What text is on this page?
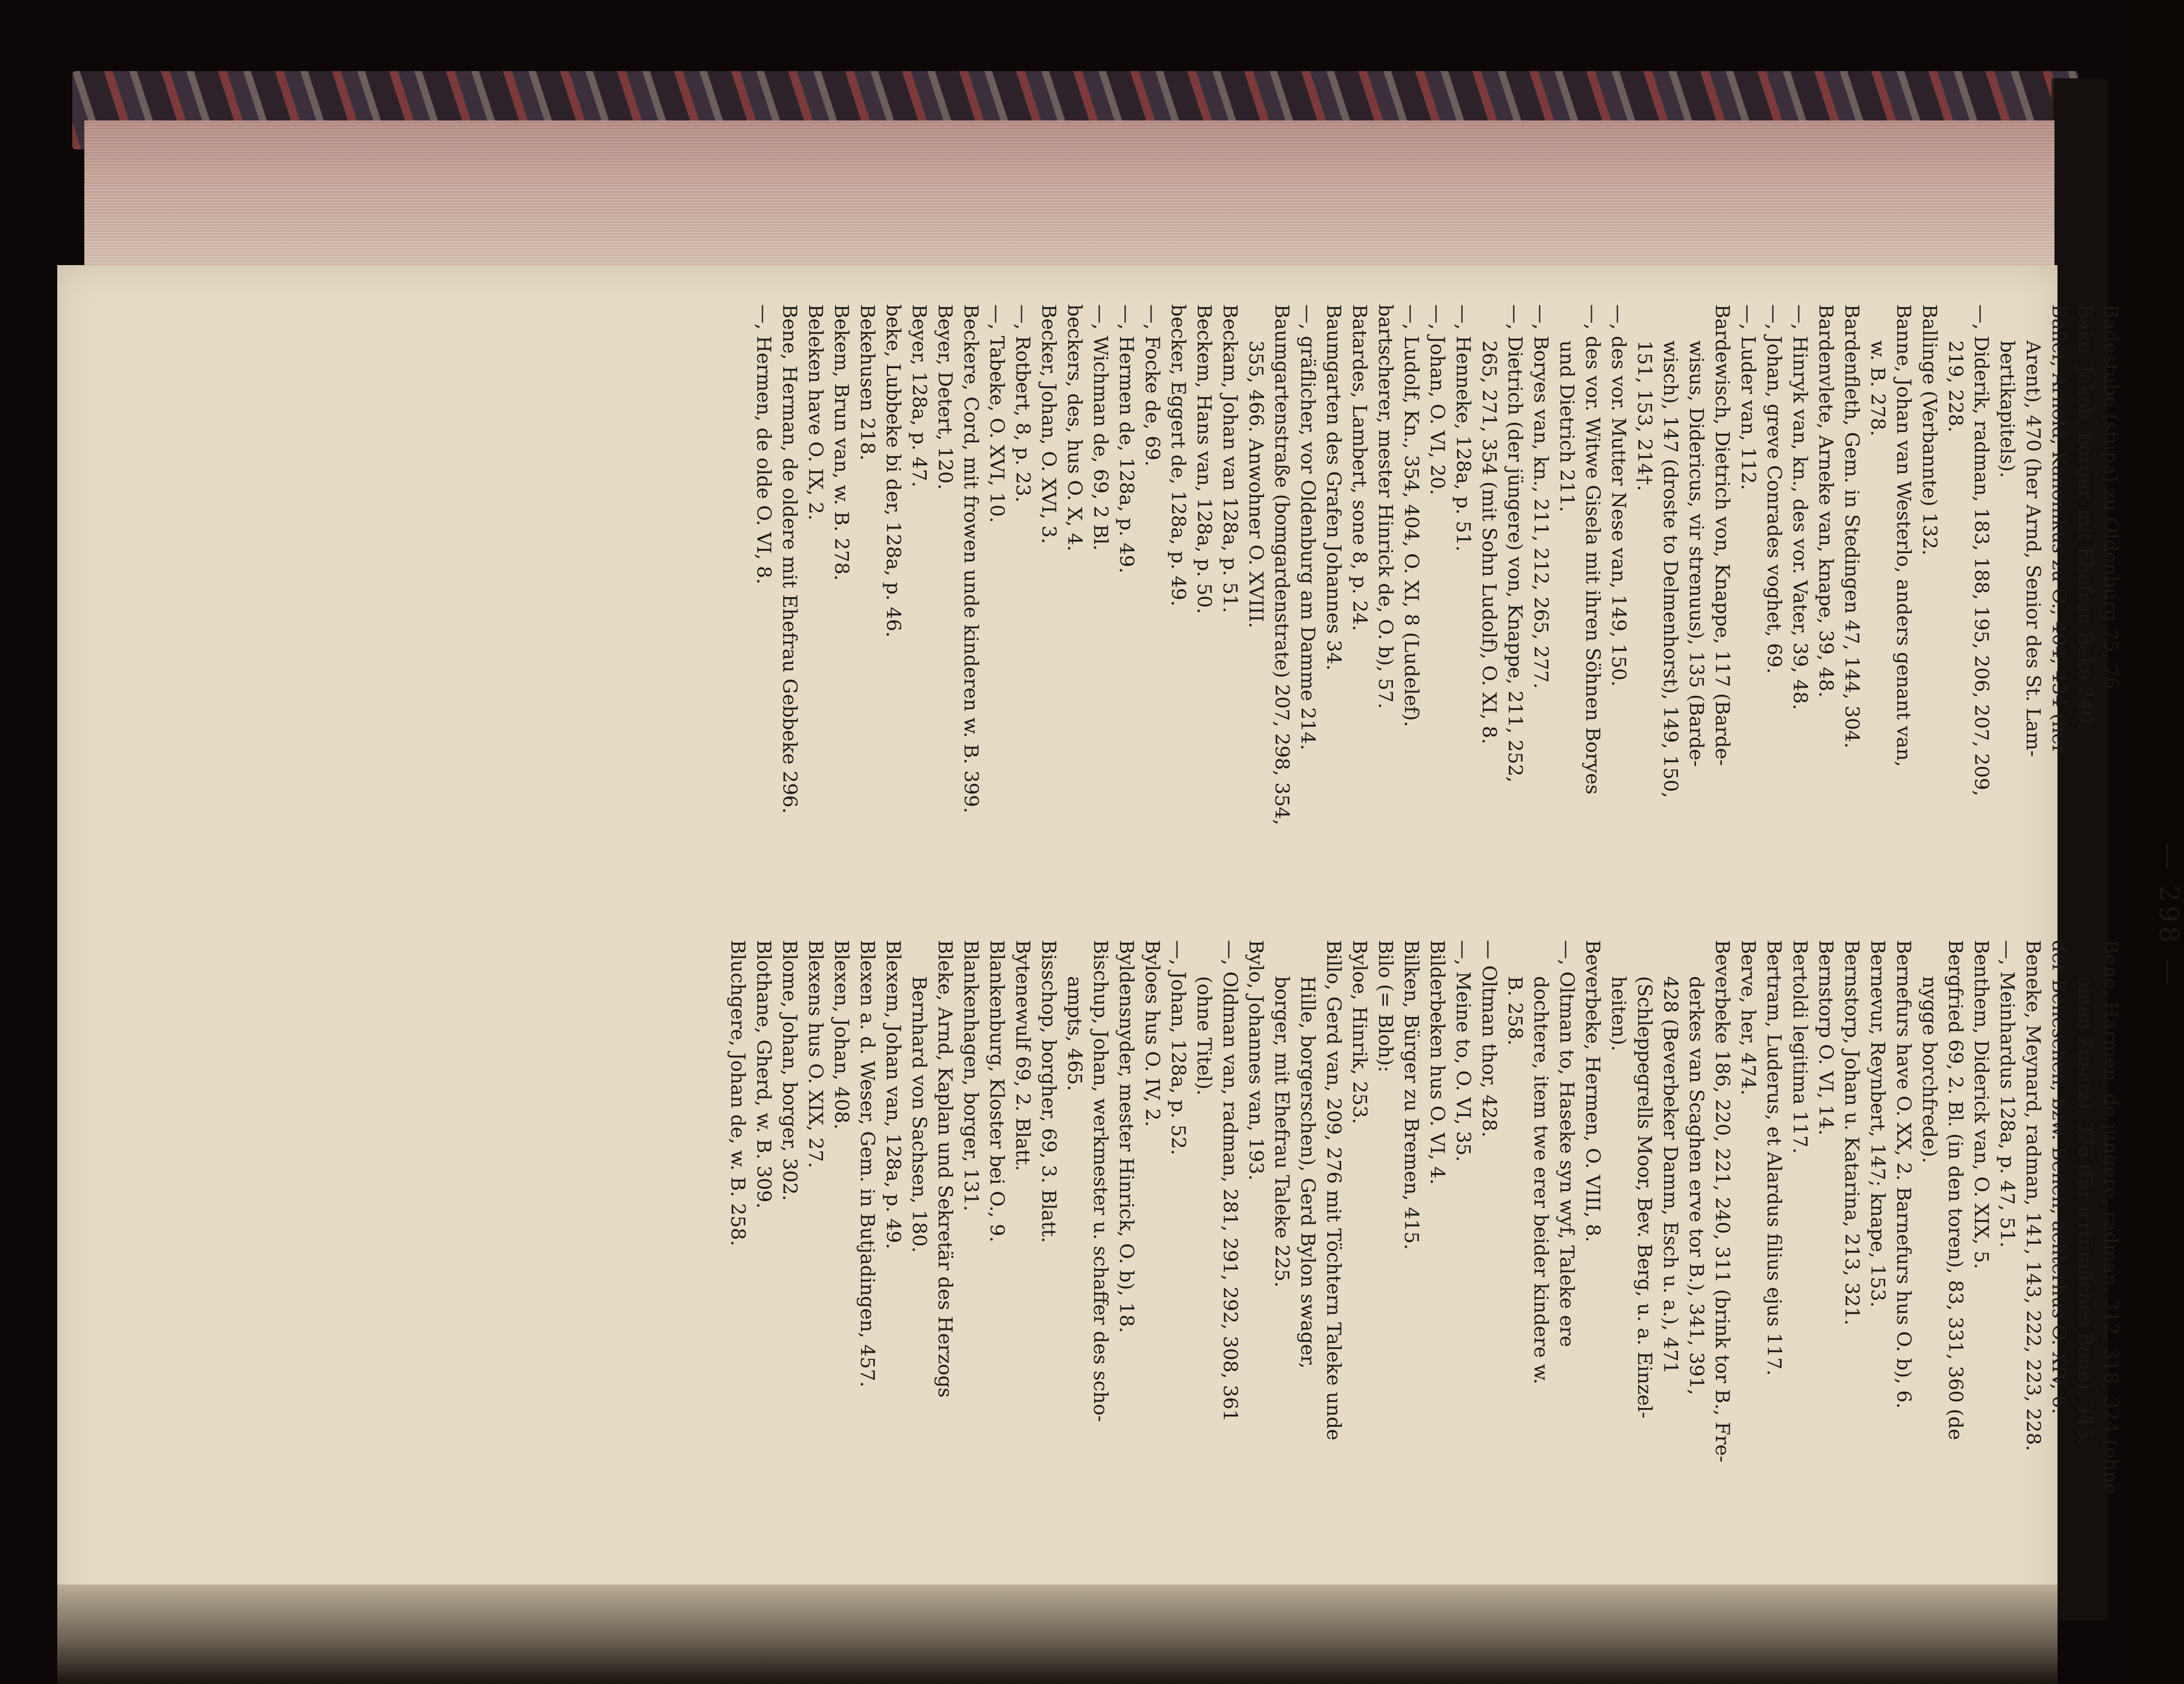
— 298 —
Badestube (stupa) zu Oldenburg 75, 76.
Bake, Jakob, borger, mit Ehefrau Beke 240.
Baller, Arnold, Kanonikus zu O., 404, 434 (her
Arent), 470 (her Arnd, Senior des St. Lam-
bertikapitels).
—, Diderik, radman, 183, 188, 195, 206, 207, 209,
219, 228.
Ballinge (Verbannte) 132.
Banne, Johan van Westerlo, anders genant van,
w. B. 278.
Bardenfleth, Gem. in Stedingen 47, 144, 304.
Bardenvlete, Arneke van, knape, 39, 48.
—, Hinryk van, kn., des vor. Vater, 39, 48.
—, Johan, greve Conrades voghet, 69.
—, Luder van, 112.
Bardewisch, Dietrich von, Knappe, 117 (Barde-
wisus, Didericus, vir strenuus), 135 (Barde-
wisch), 147 (droste to Delmenhorst), 149, 150,
151, 153, 214†.
—, des vor. Mutter Nese van, 149, 150.
—, des vor. Witwe Gisela mit ihren Söhnen Boryes
und Dietrich 211.
—, Boryes van, kn., 211, 212, 265, 277.
—, Dietrich (der jüngere) von, Knappe, 211, 252,
265, 271, 354 (mit Sohn Ludolf), O. XI, 8.
—, Henneke, 128a, p. 51.
—, Johan, O. VI, 20.
—, Ludolf, Kn., 354, 404, O. XI, 8 (Ludelef).
bartscherer, mester Hinrick de, O. b), 57.
Batardes, Lambert, sone 8, p. 24.
Baumgarten des Grafen Johannes 34.
—, gräflicher, vor Oldenburg am Damme 214.
Baumgartenstraße (bomgardenstrate) 207, 298, 354,
355, 466. Anwohner O. XVIII.
Beckam, Johan van 128a, p. 51.
Beckem, Hans van, 128a, p. 50.
becker, Eggert de, 128a, p. 49.
—, Focke de, 69.
—, Hermen de, 128a, p. 49.
—, Wichman de, 69, 2 Bl.
beckers, des, hus O. X, 4.
Becker, Johan, O. XVI, 3.
—, Rotbert, 8, p. 23.
—, Tabeke, O. XVI, 10.
Beckere, Cord, mit frowen unde kinderen w. B. 399.
Beyer, Detert, 120.
Beyer, 128a, p. 47.
beke, Lubbeke bi der, 128a, p. 46.
Bekehusen 218.
Bekem, Brun van, w. B. 278.
Beleken have O. IX, 2.
Bene, Herman, de oldere mit Ehefrau Gebbeke 296.
—, Hermen, de olde O. VI, 8.
Bene, Harmen, de jungere, radman, 312, 318, 324 (ohne
einen Zusatz), 326 (für irrtümliches Bone), 343.
der Beneschen, bzw. Benen, achterhus O. XIV, 6.
Beneke, Meynard, radman, 141, 143, 222, 223, 228.
—, Meinhardus 128a, p. 47, 51.
Benthem, Diderick van, O. XIX, 5.
Bergfried 69, 2. Bl. (in den toren), 83, 331, 360 (de
nygge borchfrede).
Bernefurs have O. XX, 2. Barnefurs hus O. b), 6.
Bernevur, Reynbert, 147; knape, 153.
Bernstorp, Johan u. Katarina, 213, 321.
Bernstorp O. VI, 14.
Bertoldi legitima 117.
Bertram, Luderus, et Alardus filius ejus 117.
Berve, her, 474.
Beverbeke 186, 220, 221, 240, 311 (brink tor B., Fre-
derkes van Scaghen erve tor B.), 341, 391,
428 (Beverbeker Damm, Esch u. a.), 471
(Schleppegrells Moor, Bev. Berg, u. a. Einzel-
heiten).
Beverbeke, Hermen, O. VIII, 8.
—, Oltman to, Haseke syn wyf, Taleke ere
dochtere, item twe erer beider kindere w.
B. 258.
— Oltman thor, 428.
—, Meine to, O. VI, 35.
Bilderbeken hus O. VI, 4.
Bilken, Bürger zu Bremen, 415.
Bilo (= Bloh):
Byloe, Hinrik, 253.
Billo, Gerd van, 209, 276 mit Töchtern Taleke unde
Hille, borgerschen), Gerd Bylon swager,
borger, mit Ehefrau Taleke 225.
Bylo, Johannes van, 193.
—, Oldman van, radman, 281, 291, 292, 308, 361
(ohne Titel).
—, Johan, 128a, p. 52.
Byloes hus O. IV, 2.
Byldensnyder, mester Hinrick, O. b), 18.
Bischup, Johan, werkmester u. schaffer des scho-
ampts, 465.
Bisschop, borgher, 69, 3. Blatt.
Bytenewulf 69, 2. Blatt.
Blankenburg, Kloster bei O., 9.
Blankenhagen, borger, 131.
Bleke, Arnd, Kaplan und Sekretär des Herzogs
Bernhard von Sachsen, 180.
Blexem, Johan van, 128a, p. 49.
Blexen a. d. Weser, Gem. in Butjadingen, 457.
Blexen, Johan, 408.
Blexens hus O. XIX, 27.
Blome, Johan, borger, 302.
Blothane, Gherd, w. B. 309.
Bluchgere, Johan de, w. B. 258.
